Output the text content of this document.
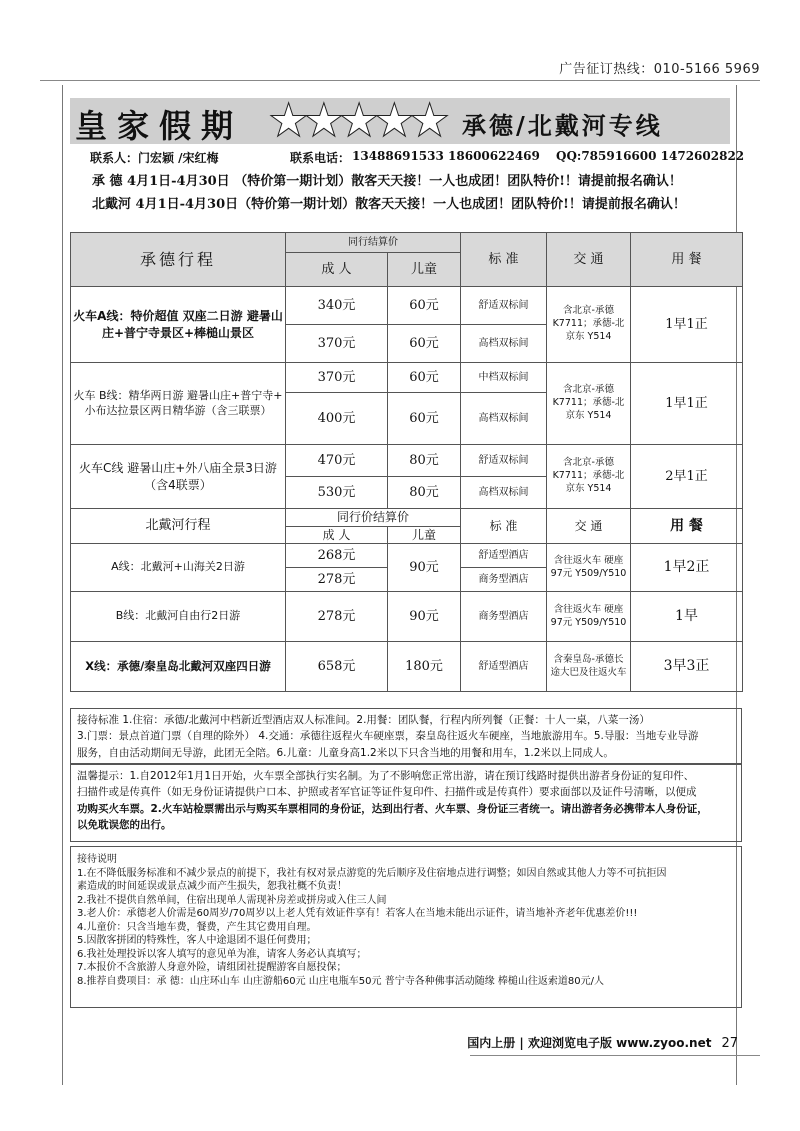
广告征订热线：010-5166 5969
皇家假期 ★★★★★ 承德/北戴河专线
联系人：门宏颖 /宋红梅	联系电话： 13488691533 18600622469 QQ:785916600 1472602822
承 德 4月1日-4月30日 （特价第一期计划）散客天天接！一人也成团！团队特价!！请提前报名确认！
北戴河 4月1日-4月30日（特价第一期计划）散客天天接！一人也成团！团队特价!！请提前报名确认！
承德行程	同行结算价		标 准	交 通	用 餐
	成 人	儿童			
火车A线：特价超值 双座二日游 避暑山庄+普宁寺景区+棒槌山景区	340元	60元	舒适双标间	含北京-承德 K7711；承德-北京东 Y514	1早1正
	370元	60元	高档双标间		
火车 B线：精华两日游 避暑山庄+普宁寺+ 小布达拉景区两日精华游（含三联票）	370元	60元	中档双标间	含北京-承德 K7711；承德-北京东 Y514	1早1正
	400元	60元	高档双标间		
火车C线 避暑山庄+外八庙全景3日游（含4联票）	470元	80元	舒适双标间	含北京-承德 K7711；承德-北京东 Y514	2早1正
	530元	80元	高档双标间		
北戴河行程	同行价结算价		标 准	交 通	用 餐
	成 人	儿童			
A线：北戴河+山海关2日游	268元	90元	舒适型酒店	含往返火车 硬座97元 Y509/Y510	1早2正
	278元		商务型酒店		
B线：北戴河自由行2日游	278元	90元	商务型酒店	含往返火车 硬座97元 Y509/Y510	1早
X线：承德/秦皇岛北戴河双座四日游	658元	180元	舒适型酒店	含秦皇岛-承德长途大巴及往返火车	3早3正

接待标准 1.住宿：承德/北戴河中档新近型酒店双人标准间。2.用餐：团队餐，行程内所列餐（正餐：十人一桌，八菜一汤）

3.门票：景点首道门票（自理的除外） 4.交通：承德往返程火车硬座票，秦皇岛往返火车硬座，当地旅游用车。5.导服：当地专业导游

服务，自由活动期间无导游，此团无全陪。6.儿童：儿童身高1.2米以下只含当地的用餐和用车，1.2米以上同成人。

温馨提示：1.自2012年1月1日开始，火车票全部执行实名制。为了不影响您正常出游，请在预订线路时提供出游者身份证的复印件、

扫描件或是传真件（如无身份证请提供户口本、护照或者军官证等证件复印件、扫描件或是传真件）要求面部以及证件号清晰，以便成

功购买火车票。2.火车站检票需出示与购买车票相同的身份证，达到出行者、火车票、身份证三者统一。请出游者务必携带本人身份证，

以免耽误您的出行。

接待说明

1.在不降低服务标准和不减少景点的前提下，我社有权对景点游览的先后顺序及住宿地点进行调整；如因自然或其他人力等不可抗拒因

素造成的时间延误或景点减少而产生损失，恕我社概不负责！

2.我社不提供自然单间，住宿出现单人需现补房差或拼房或入住三人间

3.老人价：承德老人价需是60周岁/70周岁以上老人凭有效证件享有！若客人在当地未能出示证件，请当地补齐老年优惠差价!!!

4.儿童价：只含当地车费，餐费，产生其它费用自理。

5.因散客拼团的特殊性，客人中途退团不退任何费用；

6.我社处理投诉以客人填写的意见单为准，请客人务必认真填写；

7.本报价不含旅游人身意外险，请组团社提醒游客自愿投保；

8.推荐自费项目：承 德：山庄环山车 山庄游船60元 山庄电瓶车50元 普宁寺各种佛事活动随缘 棒槌山往返索道80元/人

国内上册 | 欢迎浏览电子版 www.zyoo.net 27
